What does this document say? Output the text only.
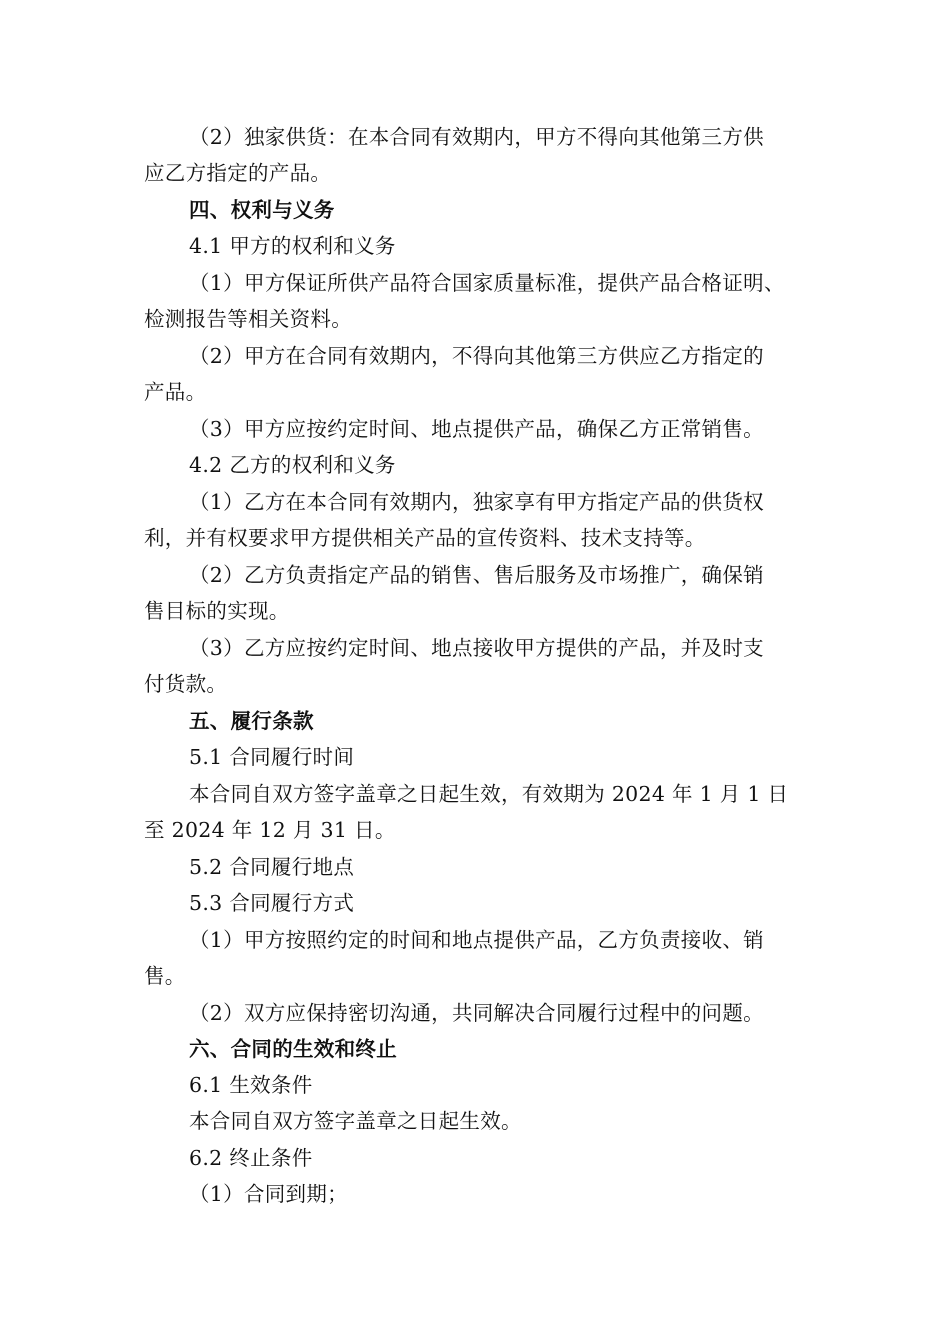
（2）独家供货：在本合同有效期内，甲方不得向其他第三方供
应乙方指定的产品。
四、权利与义务
4.1 甲方的权利和义务
（1）甲方保证所供产品符合国家质量标准，提供产品合格证明、
检测报告等相关资料。
（2）甲方在合同有效期内，不得向其他第三方供应乙方指定的
产品。
（3）甲方应按约定时间、地点提供产品，确保乙方正常销售。
4.2 乙方的权利和义务
（1）乙方在本合同有效期内，独家享有甲方指定产品的供货权
利，并有权要求甲方提供相关产品的宣传资料、技术支持等。
（2）乙方负责指定产品的销售、售后服务及市场推广，确保销
售目标的实现。
（3）乙方应按约定时间、地点接收甲方提供的产品，并及时支
付货款。
五、履行条款
5.1 合同履行时间
本合同自双方签字盖章之日起生效，有效期为 2024 年 1 月 1 日
至 2024 年 12 月 31 日。
5.2 合同履行地点
5.3 合同履行方式
（1）甲方按照约定的时间和地点提供产品，乙方负责接收、销
售。
（2）双方应保持密切沟通，共同解决合同履行过程中的问题。
六、合同的生效和终止
6.1 生效条件
本合同自双方签字盖章之日起生效。
6.2 终止条件
（1）合同到期；
